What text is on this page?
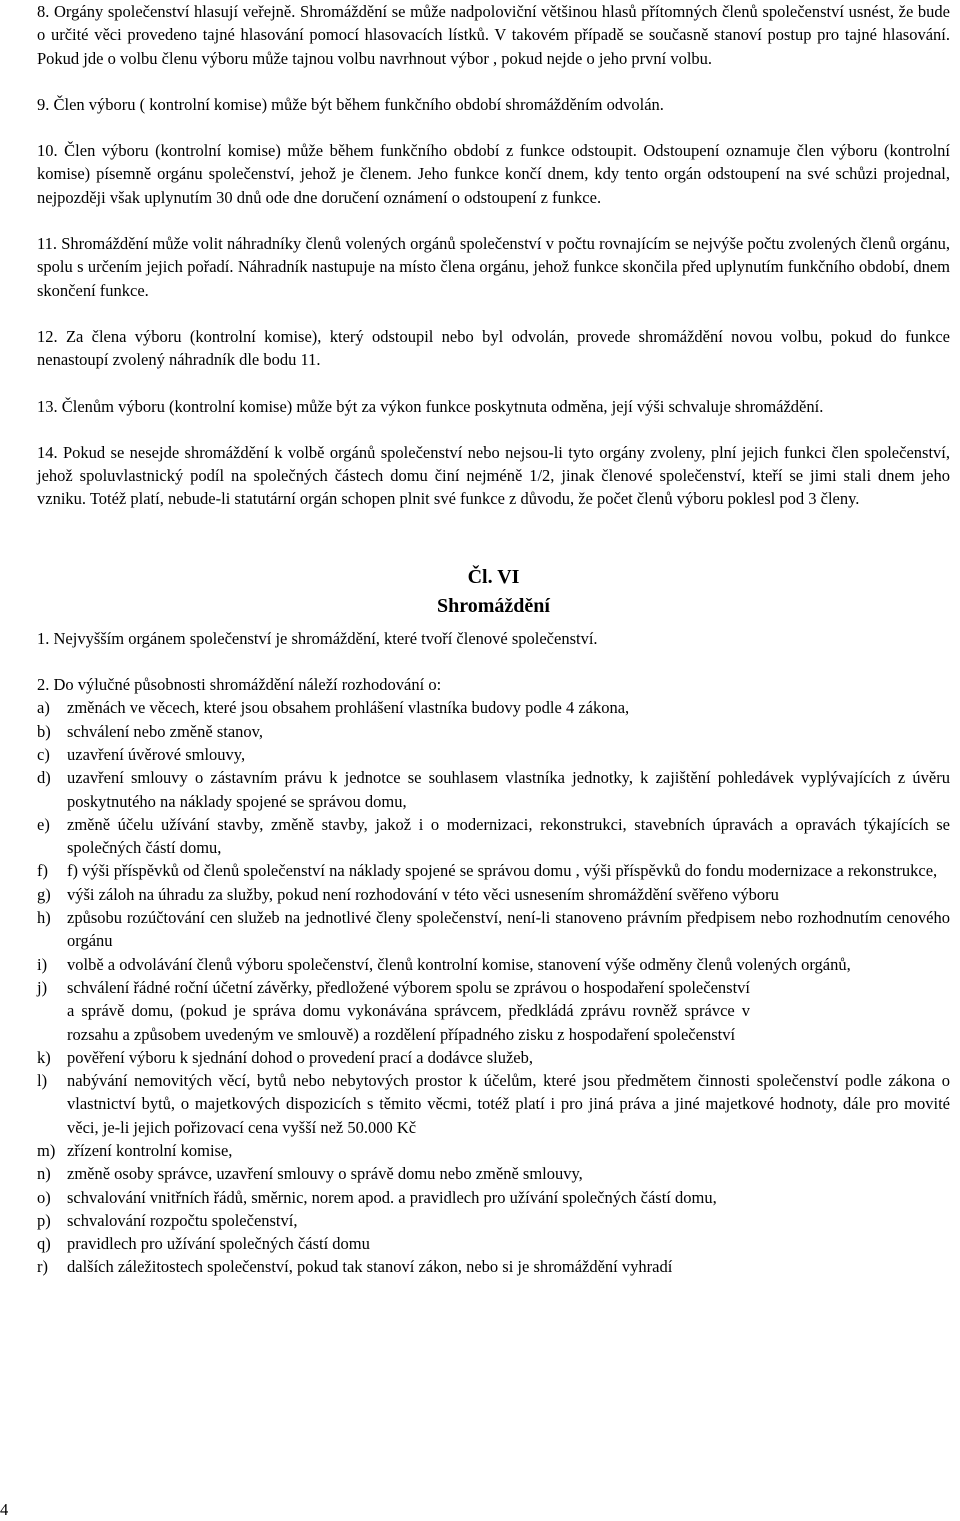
8. Orgány společenství hlasují veřejně. Shromáždění se může nadpoloviční většinou hlasů přítomných členů společenství usnést, že bude o určité věci provedeno tajné hlasování pomocí hlasovacích lístků. V takovém případě se současně stanoví postup pro tajné hlasování. Pokud jde o volbu členu výboru může tajnou volbu navrhnout výbor , pokud nejde o jeho první volbu.

9. Člen výboru ( kontrolní komise) může být během funkčního období shromážděním odvolán.

10. Člen výboru (kontrolní komise) může během funkčního období z funkce odstoupit. Odstoupení oznamuje člen výboru (kontrolní komise) písemně orgánu společenství, jehož je členem. Jeho funkce končí dnem, kdy tento orgán odstoupení na své schůzi projednal, nejpozději však uplynutím 30 dnů ode dne doručení oznámení o odstoupení z funkce.

11. Shromáždění může volit náhradníky členů volených orgánů společenství v počtu rovnajícím se nejvýše počtu zvolených členů orgánu, spolu s určením jejich pořadí. Náhradník nastupuje na místo člena orgánu, jehož funkce skončila před uplynutím funkčního období, dnem skončení funkce.

12. Za člena výboru (kontrolní komise), který odstoupil nebo byl odvolán, provede shromáždění novou volbu, pokud do funkce nenastoupí zvolený náhradník dle bodu 11.

13. Členům výboru (kontrolní komise) může být za výkon funkce poskytnuta odměna, její výši schvaluje shromáždění.

14. Pokud se nesejde shromáždění k volbě orgánů společenství nebo nejsou-li tyto orgány zvoleny, plní jejich funkci člen společenství, jehož spoluvlastnický podíl na společných částech domu činí nejméně 1/2, jinak členové společenství, kteří se jimi stali dnem jeho vzniku. Totéž platí, nebude-li statutární orgán schopen plnit své funkce z důvodu, že počet členů výboru poklesl pod 3 členy.

Čl. VI

Shromáždění

1. Nejvyšším orgánem společenství je shromáždění, které tvoří členové společenství.

2. Do výlučné působnosti shromáždění náleží rozhodování o:

a) změnách ve věcech, které jsou obsahem prohlášení vlastníka budovy podle 4 zákona,
b) schválení nebo změně stanov,
c) uzavření úvěrové smlouvy,
d) uzavření smlouvy o zástavním právu k jednotce se souhlasem vlastníka jednotky, k zajištění pohledávek vyplývajících z úvěru poskytnutého na náklady spojené se správou domu,
e) změně účelu užívání stavby, změně stavby, jakož i o modernizaci, rekonstrukci, stavebních úpravách a opravách týkajících se společných částí domu,
f) f) výši příspěvků od členů společenství na náklady spojené se správou domu , výši příspěvků do fondu modernizace a rekonstrukce,
g) výši záloh na úhradu za služby, pokud není rozhodování v této věci usnesením shromáždění svěřeno výboru
h) způsobu rozúčtování cen služeb na jednotlivé členy společenství, není-li stanoveno právním předpisem nebo rozhodnutím cenového orgánu
i) volbě a odvolávání členů výboru společenství, členů kontrolní komise, stanovení výše odměny členů volených orgánů,
j) schválení řádné roční účetní závěrky, předložené výborem spolu se zprávou o hospodaření společenství a správě domu, (pokud je správa domu vykonávána správcem, předkládá zprávu rovněž správce v rozsahu a způsobem uvedeným ve smlouvě) a rozdělení případného zisku z hospodaření společenství
k) pověření výboru k sjednání dohod o provedení prací a dodávce služeb,
l) nabývání nemovitých věcí, bytů nebo nebytových prostor k účelům, které jsou předmětem činnosti společenství podle zákona o vlastnictví bytů, o majetkových dispozicích s těmito věcmi, totéž platí i pro jiná práva a jiné majetkové hodnoty, dále pro movité věci, je-li jejich pořizovací cena vyšší než 50.000 Kč
m) zřízení kontrolní komise,
n) změně osoby správce, uzavření smlouvy o správě domu nebo změně smlouvy,
o) schvalování vnitřních řádů, směrnic, norem apod. a pravidlech pro užívání společných částí domu,
p) schvalování rozpočtu společenství,
q) pravidlech pro užívání společných částí domu
r) dalších záležitostech společenství, pokud tak stanoví zákon, nebo si je shromáždění vyhradí
4
